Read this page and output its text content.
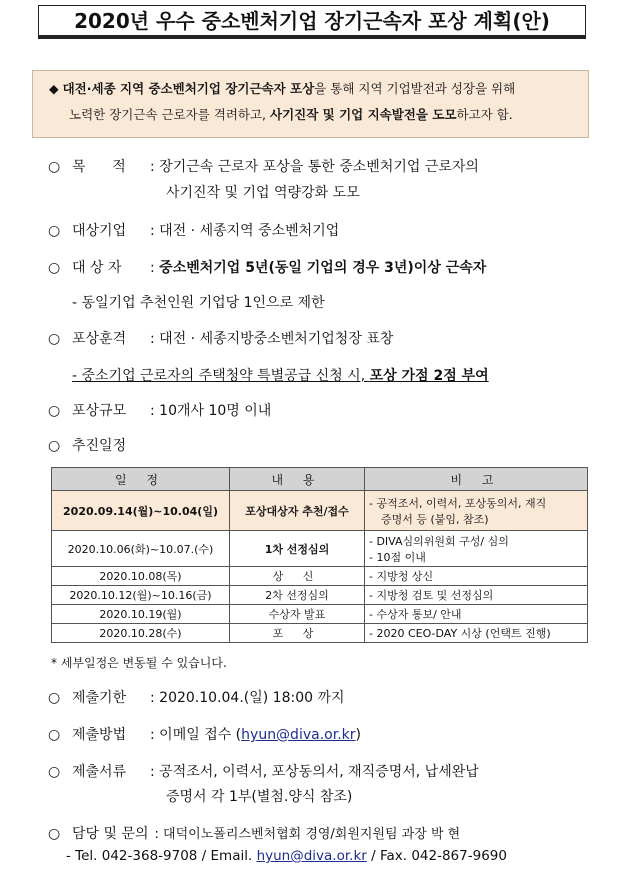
2020년 우수 중소벤처기업 장기근속자 포상 계획(안)
◆ 대전·세종 지역 중소벤처기업 장기근속자 포상을 통해 지역 기업발전과 성장을 위해
노력한 장기근속 근로자를 격려하고, 사기진작 및 기업 지속발전을 도모하고자 함.
○ 목      적 : 장기근속 근로자 포상을 통한 중소벤처기업 근로자의
사기진작 및 기업 역량강화 도모
○ 대상기업 : 대전 · 세종지역 중소벤처기업
○ 대 상 자 : 중소벤처기업 5년(동일 기업의 경우 3년)이상 근속자
- 동일기업 추천인원 기업당 1인으로 제한
○ 포상훈격 : 대전 · 세종지방중소벤처기업청장 표창
- 중소기업 근로자의 주택청약 특별공급 신청 시, 포상 가점 2점 부여
○ 포상규모 : 10개사 10명 이내
○ 추진일정
일 정	내 용	비 고
2020.09.14(월)~10.04(일)	포상대상자 추천/접수	- 공적조서, 이력서, 포상동의서, 재직
증명서 등 (붙임, 참조)

2020.10.06(화)~10.07.(수)	1차 선정심의	- DIVA심의위원회 구성/ 심의
- 10점 이내

2020.10.08(목)	상 신	- 지방청 상신
2020.10.12(월)~10.16(금)	2차 선정심의	- 지방청 검토 및 선정심의
2020.10.19(월)	수상자 발표	- 수상자 통보/ 안내
2020.10.28(수)	포 상	- 2020 CEO-DAY 시상 (언택트 진행)
* 세부일정은 변동될 수 있습니다.
○ 제출기한 : 2020.10.04.(일) 18:00 까지
○ 제출방법 : 이메일 접수 (hyun@diva.or.kr)
○ 제출서류 : 공적조서, 이력서, 포상동의서, 재직증명서, 납세완납
증명서 각 1부(별첨.양식 참조)
○ 담당 및 문의 : 대덕이노폴리스벤처협회 경영/회원지원팀 과장 박 현
- Tel. 042-368-9708 / Email. hyun@diva.or.kr / Fax. 042-867-9690
